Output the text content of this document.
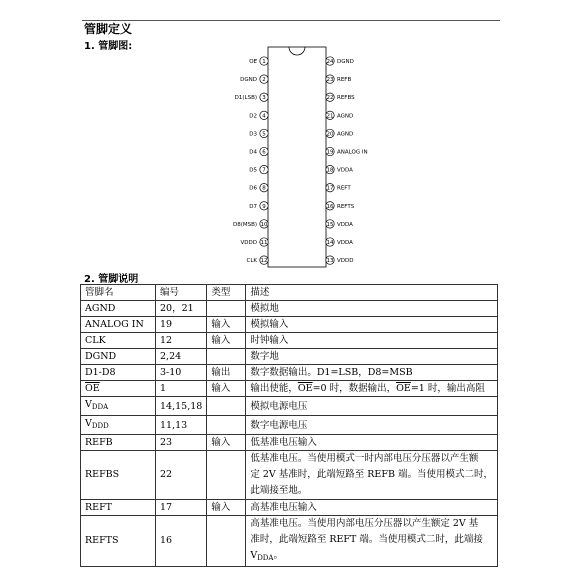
管脚定义
1. 管脚图:
1
OE
2
DGND
3
D1(LSB)
4
D2
5
D3
6
D4
7
D5
8
D6
9
D7
10
D8(MSB)
11
VDDD
12
CLK
24 DGND
23 REFB
22 REFBS
21 AGND
20 AGND
19 ANALOG IN
18 VDDA
17 REFT
16 REFTS
15 VDDA
14 VDDA
13 VDDD
2. 管脚说明
管脚名	编号	类型	描述
AGND	20，21		模拟地
ANALOG IN	19	输入	模拟输入
CLK	12	输入	时钟输入
DGND	2,24		数字地
D1-D8	3-10	输出	数字数据输出。D1=LSB，D8=MSB
$\overline{OE}$	1	输入	输出使能，$\overline{OE}=0$ 时，数据输出，$\overline{OE}=1$ 时，输出高阻
$V_{DDA}$	14,15,18		模拟电源电压
$V_{DDD}$	11,13		数字电源电压
REFB	23	输入	低基准电压输入
REFBS	22		低基准电压。当使用模式一时内部电压分压器以产生额
定 2V 基准时，此端短路至 REFB 端。当使用模式二时，
此端接至地。
REFT	17	输入	高基准电压输入
REFTS	16		高基准电压。当使用内部电压分压器以产生额定 2V 基
准时，此端短路至 REFT 端。当使用模式二时，此端接
$V_{DDA}$。
